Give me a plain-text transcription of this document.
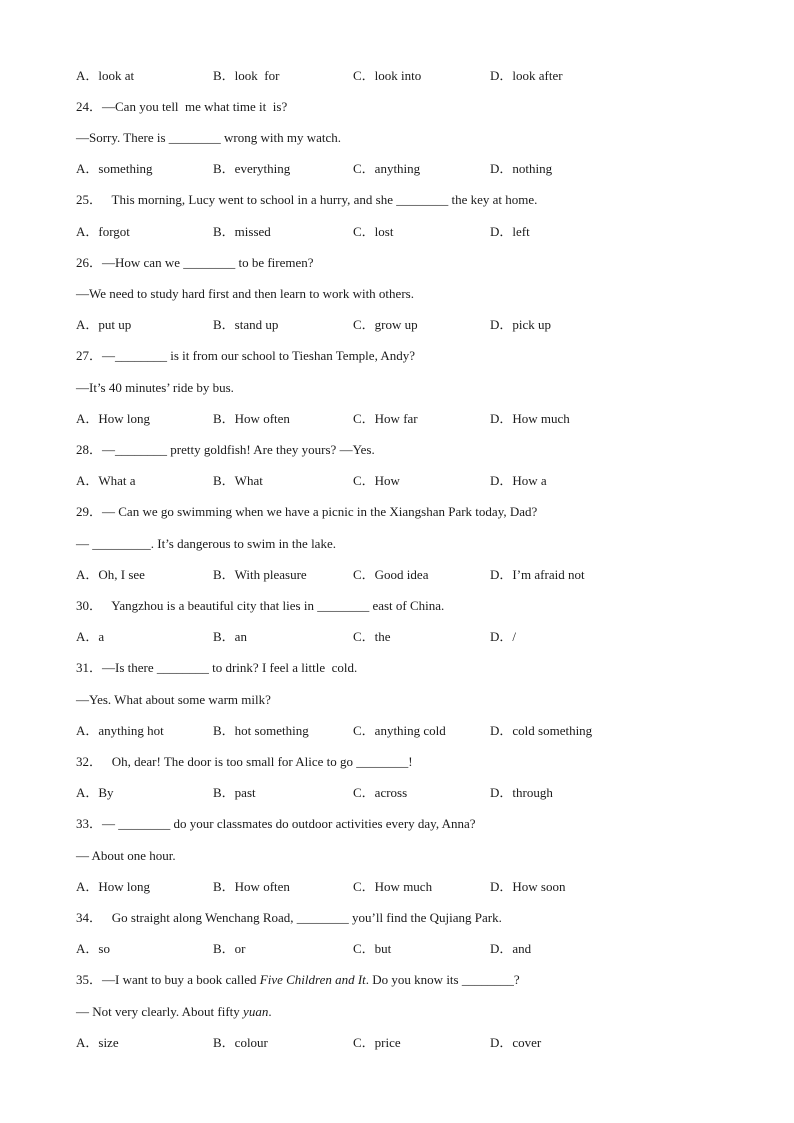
A．look at	B．look  for	C．look into	D．look after
24．—Can you tell  me what time it  is?
—Sorry. There is ________ wrong with my watch.
A．something	B．everything	C．anything	D．nothing
25．   This morning, Lucy went to school in a hurry, and she ________ the key at home.
A．forgot	B．missed	C．lost	D．left
26．—How can we ________ to be firemen?
—We need to study hard first and then learn to work with others.
A．put up	B．stand up	C．grow up	D．pick up
27．—________ is it from our school to Tieshan Temple, Andy?
—It’s 40 minutes’ ride by bus.
A．How long	B．How often	C．How far	D．How much
28．—________ pretty goldfish! Are they yours? —Yes.
A．What a	B．What	C．How	D．How a
29．— Can we go swimming when we have a picnic in the Xiangshan Park today, Dad?
— _________. It’s dangerous to swim in the lake.
A．Oh, I see	B．With pleasure	C．Good idea	D．I’m afraid not
30．   Yangzhou is a beautiful city that lies in ________ east of China.
A．a	B．an	C．the	D．/
31．—Is there ________ to drink? I feel a little  cold.
—Yes. What about some warm milk?
A．anything hot	B．hot something	C．anything cold	D．cold something
32．   Oh, dear! The door is too small for Alice to go ________!
A．By	B．past	C．across	D．through
33．— ________ do your classmates do outdoor activities every day, Anna?
— About one hour.
A．How long	B．How often	C．How much	D．How soon
34．   Go straight along Wenchang Road, ________ you’ll find the Qujiang Park.
A．so	B．or	C．but	D．and
35．—I want to buy a book called Five Children and It. Do you know its ________?
— Not very clearly. About fifty yuan.
A．size	B．colour	C．price	D．cover
